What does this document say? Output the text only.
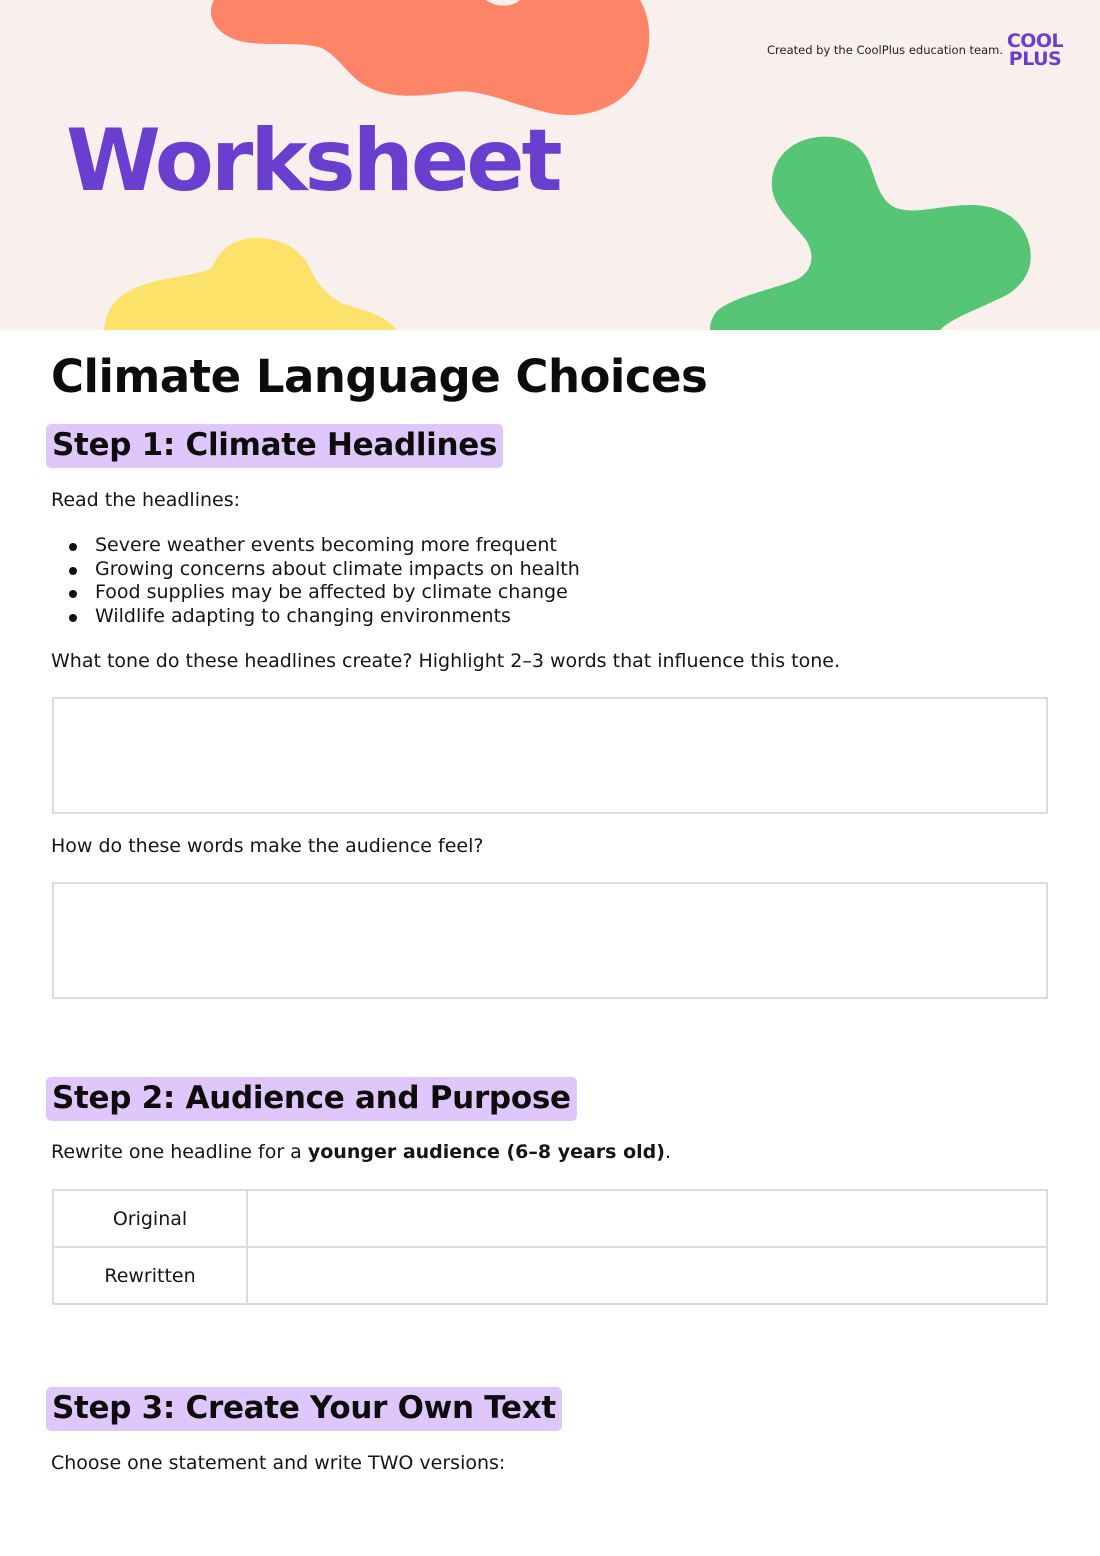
Created by the CoolPlus education team. COOL
PLUS
Worksheet
Climate Language Choices
Step 1: Climate Headlines

Read the headlines:

Severe weather events becoming more frequent
Growing concerns about climate impacts on health
Food supplies may be affected by climate change
Wildlife adapting to changing environments

What tone do these headlines create? Highlight 2–3 words that influence this tone.

How do these words make the audience feel?

Step 2: Audience and Purpose

Rewrite one headline for a younger audience (6–8 years old).

Original	
Rewritten	
Step 3: Create Your Own Text

Choose one statement and write TWO versions:
